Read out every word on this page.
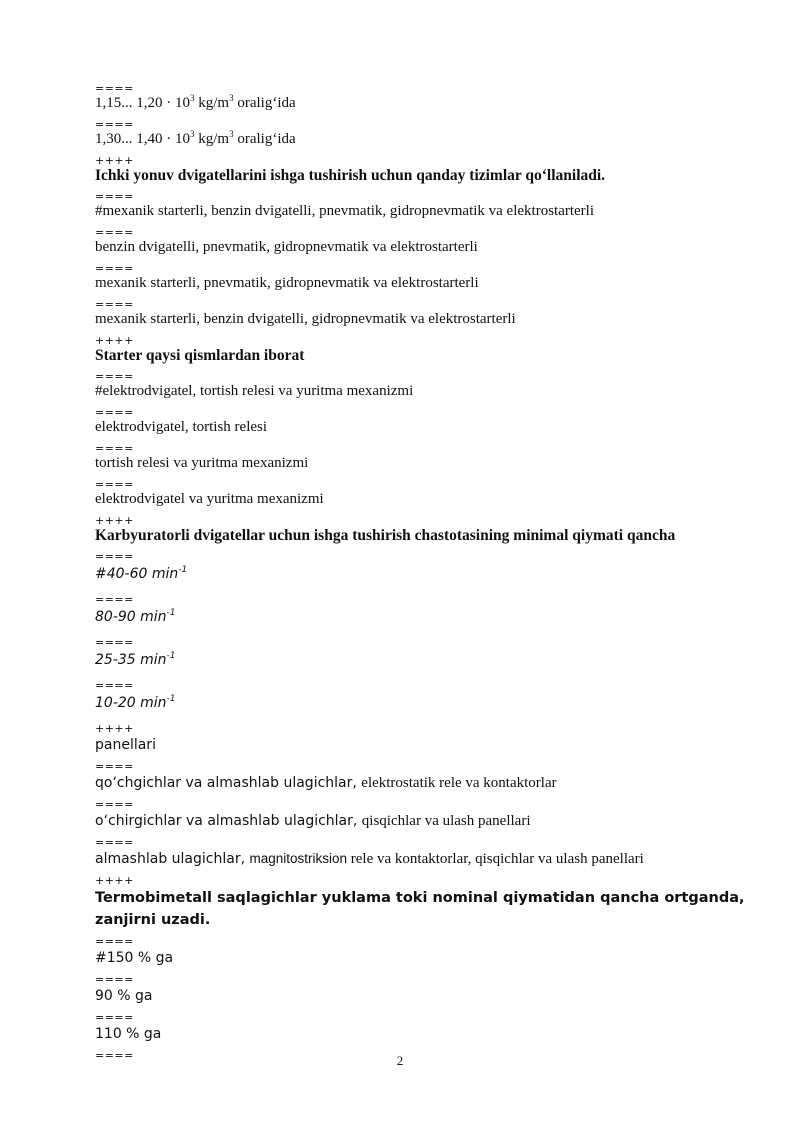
====
1,15... $1,20 \cdot 10^3$ $kg/m^3$ oralig‘ida
====
1,30... $1,40 \cdot 10^3$ $kg/m^3$ oralig‘ida
++++
Ichki yonuv dvigatellarini ishga tushirish uchun qanday tizimlar qo‘llaniladi.
====
#mexanik starterli, benzin dvigatelli, pnevmatik, gidropnevmatik va elektrostarterli
====
benzin dvigatelli, pnevmatik, gidropnevmatik va elektrostarterli
====
mexanik starterli, pnevmatik, gidropnevmatik va elektrostarterli
====
mexanik starterli, benzin dvigatelli, gidropnevmatik va elektrostarterli
++++
Starter qaysi qismlardan iborat
====
#elektrodvigatel, tortish relesi va yuritma mexanizmi
====
elektrodvigatel, tortish relesi
====
tortish relesi va yuritma mexanizmi
====
elektrodvigatel va yuritma mexanizmi
++++
Karbyuratorli dvigatellar uchun ishga tushirish chastotasining minimal qiymati qancha
====
#40-60 $\min^{-1}$
====
80-90 $\min^{-1}$
====
25-35 $\min^{-1}$
====
10-20 $\min^{-1}$
++++
panellari
====
qo‘chgichlar va almashlab ulagichlar, elektrostatik rele va kontaktorlar
====
o‘chirgichlar va almashlab ulagichlar, qisqichlar va ulash panellari
====
almashlab ulagichlar, magnitostriksion rele va kontaktorlar, qisqichlar va ulash panellari
++++
Termobimetall saqlagichlar yuklama toki nominal qiymatidan qancha ortganda, zanjirni uzadi.
====
#150 % ga
====
90 % ga
====
110 % ga
====	2
